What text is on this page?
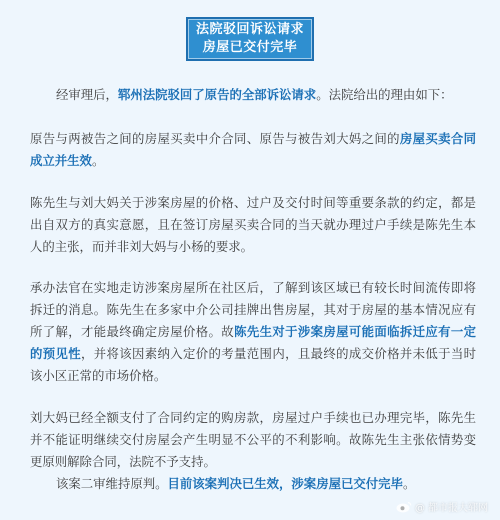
法院驳回诉讼请求
房屋已交付完毕
经审理后，郓州法院驳回了原告的全部诉讼请求。法院给出的理由如下：
原告与两被告之间的房屋买卖中介合同、原告与被告刘大妈之间的房屋买卖合同成立并生效。
陈先生与刘大妈关于涉案房屋的价格、过户及交付时间等重要条款的约定，都是出自双方的真实意愿，且在签订房屋买卖合同的当天就办理过户手续是陈先生本人的主张，而并非刘大妈与小杨的要求。
承办法官在实地走访涉案房屋所在社区后，了解到该区域已有较长时间流传即将拆迁的消息。陈先生在多家中介公司挂牌出售房屋，其对于房屋的基本情况应有所了解，才能最终确定房屋价格。故陈先生对于涉案房屋可能面临拆迁应有一定的预见性，并将该因素纳入定价的考量范围内，且最终的成交价格并未低于当时该小区正常的市场价格。
刘大妈已经全额支付了合同约定的购房款，房屋过户手续也已办理完毕，陈先生并不能证明继续交付房屋会产生明显不公平的不利影响。故陈先生主张依情势变更原则解除合同，法院不予支持。
该案二审维持原判。目前该案判决已生效，涉案房屋已交付完毕。
@ 都市报大郓网
